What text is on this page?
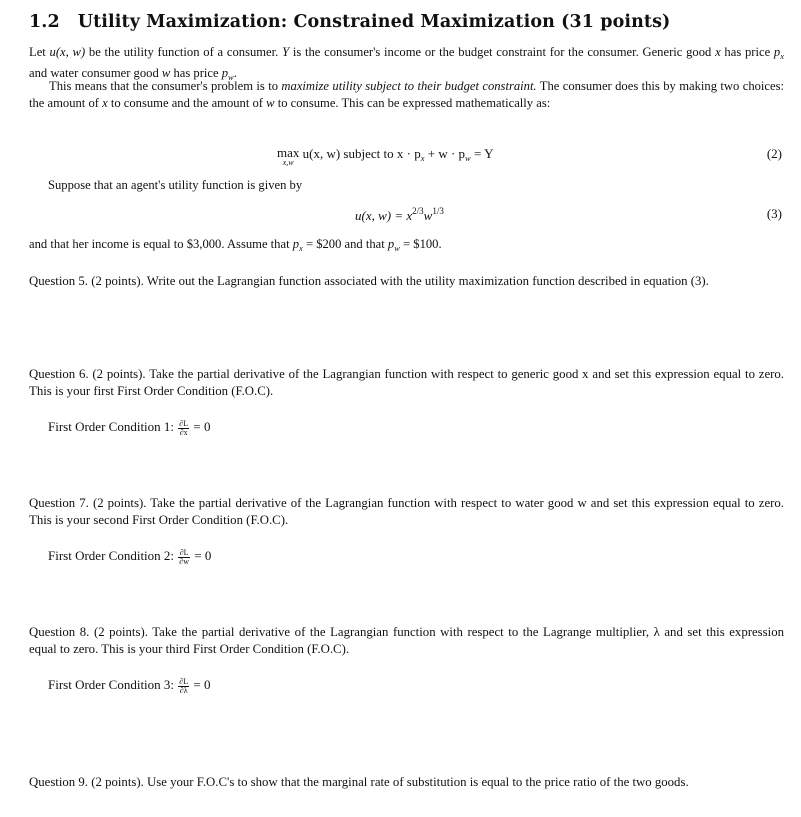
1.2 Utility Maximization: Constrained Maximization (31 points)
Let u(x, w) be the utility function of a consumer. Y is the consumer's income or the budget constraint for the consumer. Generic good x has price $p_x$ and water consumer good w has price $p_w$.
This means that the consumer's problem is to maximize utility subject to their budget constraint. The consumer does this by making two choices: the amount of x to consume and the amount of w to consume. This can be expressed mathematically as:
max
x,w
u(x, w) subject to $x \cdot p_x + w \cdot p_w = Y$	(2)
Suppose that an agent's utility function is given by
u(x, $w) = x^{2/3}w^{1/3}$	(3)
and that her income is equal to $3,000. Assume that $p_x$ = $200 and that $p_w$ = $100.
Question 5. (2 points). Write out the Lagrangian function associated with the utility maximization function described in equation (3).
Question 6. (2 points). Take the partial derivative of the Lagrangian function with respect to generic good x and set this expression equal to zero. This is your first First Order Condition (F.O.C).
First Order Condition 1: $\frac{\partial L}{\partial x} = 0$
Question 7. (2 points). Take the partial derivative of the Lagrangian function with respect to water good w and set this expression equal to zero. This is your second First Order Condition (F.O.C).
First Order Condition 2: $\frac{\partial L}{\partial w} = 0$
Question 8. (2 points). Take the partial derivative of the Lagrangian function with respect to the Lagrange multiplier, λ and set this expression equal to zero. This is your third First Order Condition (F.O.C).
First Order Condition 3: $\frac{\partial L}{\partial\lambda} = 0$
Question 9. (2 points). Use your F.O.C's to show that the marginal rate of substitution is equal to the price ratio of the two goods.
